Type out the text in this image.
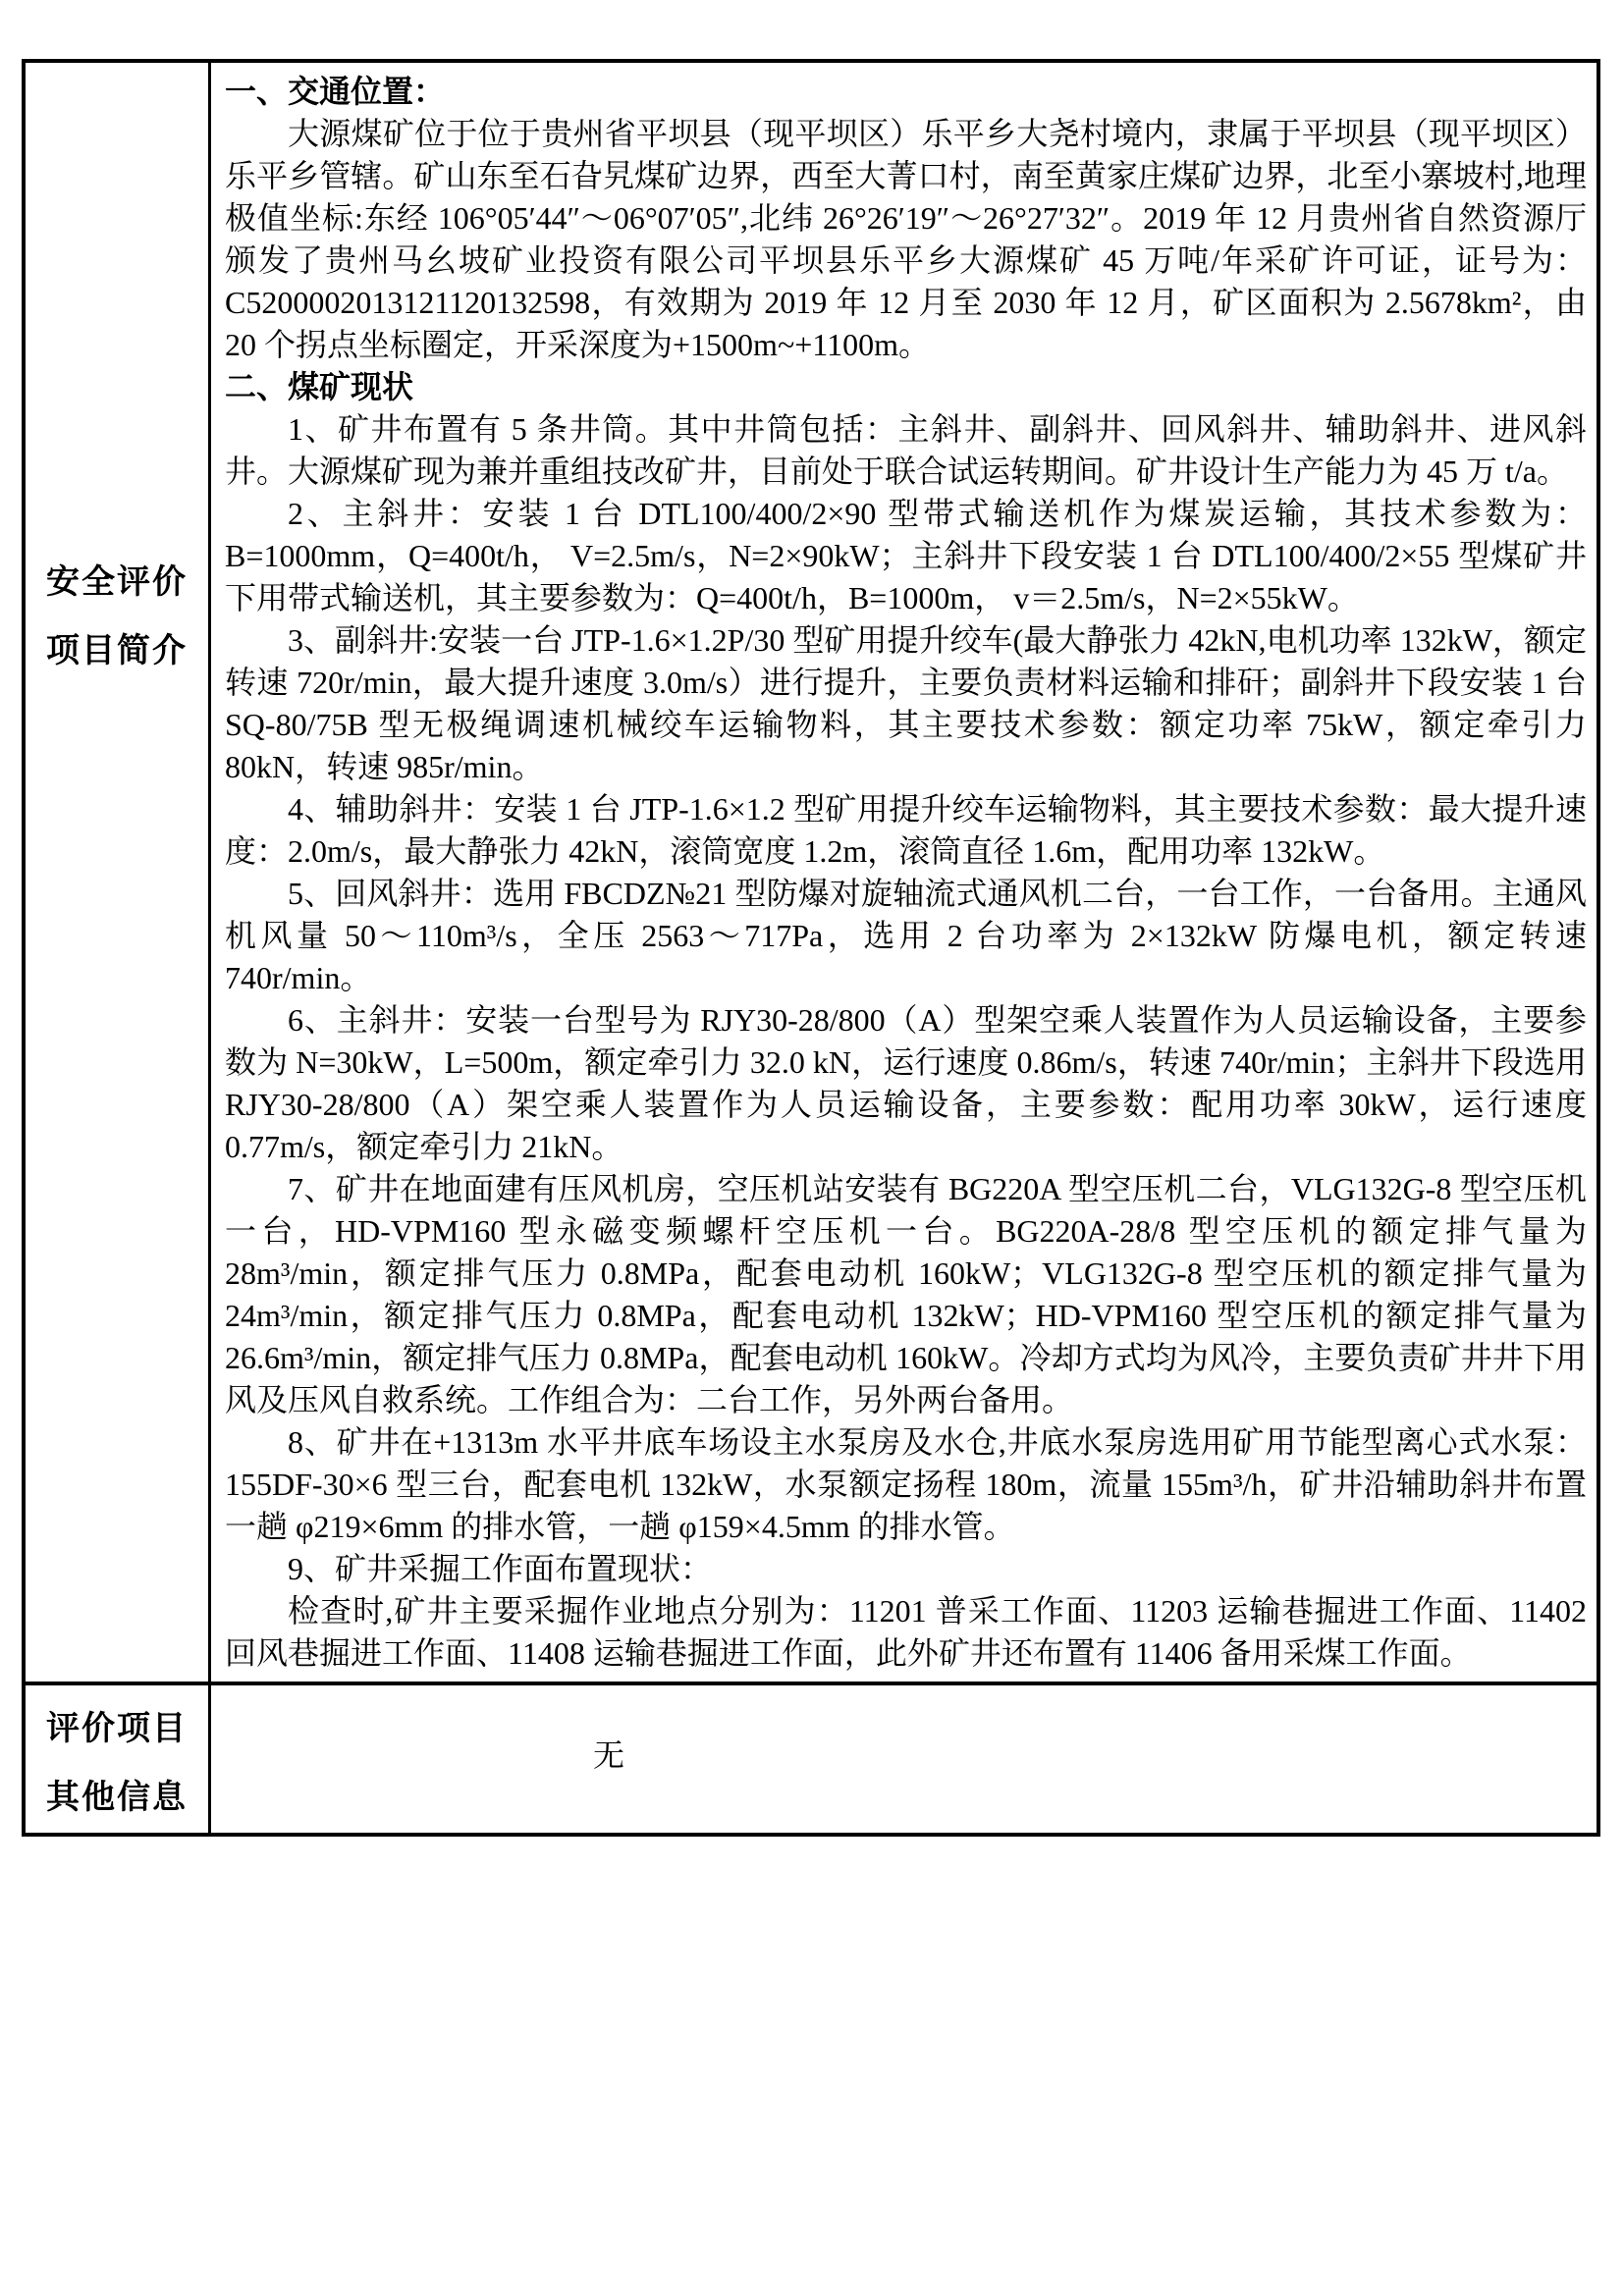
安全评价
项目简介

一、交通位置：

大源煤矿位于位于贵州省平坝县（现平坝区）乐平乡大尧村境内，隶属于平坝县（现平坝区）乐平乡管辖。矿山东至石旮旯煤矿边界，西至大菁口村，南至黄家庄煤矿边界，北至小寨坡村,地理极值坐标:东经 106°05′44″～06°07′05″,北纬 26°26′19″～26°27′32″。2019 年 12 月贵州省自然资源厅颁发了贵州马幺坡矿业投资有限公司平坝县乐平乡大源煤矿 45 万吨/年采矿许可证，证号为：C5200002013121120132598，有效期为 2019 年 12 月至 2030 年 12 月，矿区面积为 2.5678km²，由 20 个拐点坐标圈定，开采深度为+1500m~+1100m。

二、煤矿现状

1、矿井布置有 5 条井筒。其中井筒包括：主斜井、副斜井、回风斜井、辅助斜井、进风斜井。大源煤矿现为兼并重组技改矿井，目前处于联合试运转期间。矿井设计生产能力为 45 万 t/a。

2、主斜井：安装 1 台 DTL100/400/2×90 型带式输送机作为煤炭运输，其技术参数为：B=1000mm，Q=400t/h， V=2.5m/s，N=2×90kW；主斜井下段安装 1 台 DTL100/400/2×55 型煤矿井下用带式输送机，其主要参数为：Q=400t/h，B=1000m， v＝2.5m/s，N=2×55kW。

3、副斜井:安装一台 JTP-1.6×1.2P/30 型矿用提升绞车(最大静张力 42kN,电机功率 132kW，额定转速 720r/min，最大提升速度 3.0m/s）进行提升，主要负责材料运输和排矸；副斜井下段安装 1 台 SQ-80/75B 型无极绳调速机械绞车运输物料，其主要技术参数：额定功率 75kW，额定牵引力 80kN，转速 985r/min。

4、辅助斜井：安装 1 台 JTP-1.6×1.2 型矿用提升绞车运输物料，其主要技术参数：最大提升速度：2.0m/s，最大静张力 42kN，滚筒宽度 1.2m，滚筒直径 1.6m，配用功率 132kW。

5、回风斜井：选用 FBCDZ№21 型防爆对旋轴流式通风机二台，一台工作，一台备用。主通风机风量 50～110m³/s，全压 2563～717Pa，选用 2 台功率为 2×132kW 防爆电机，额定转速 740r/min。

6、主斜井：安装一台型号为 RJY30-28/800（A）型架空乘人装置作为人员运输设备，主要参数为 N=30kW，L=500m，额定牵引力 32.0 kN，运行速度 0.86m/s，转速 740r/min；主斜井下段选用 RJY30-28/800（A）架空乘人装置作为人员运输设备，主要参数：配用功率 30kW，运行速度 0.77m/s，额定牵引力 21kN。

7、矿井在地面建有压风机房，空压机站安装有 BG220A 型空压机二台，VLG132G-8 型空压机一台，HD-VPM160 型永磁变频螺杆空压机一台。BG220A-28/8 型空压机的额定排气量为 28m³/min，额定排气压力 0.8MPa，配套电动机 160kW；VLG132G-8 型空压机的额定排气量为 24m³/min，额定排气压力 0.8MPa，配套电动机 132kW；HD-VPM160 型空压机的额定排气量为 26.6m³/min，额定排气压力 0.8MPa，配套电动机 160kW。冷却方式均为风冷，主要负责矿井井下用风及压风自救系统。工作组合为：二台工作，另外两台备用。

8、矿井在+1313m 水平井底车场设主水泵房及水仓,井底水泵房选用矿用节能型离心式水泵：155DF-30×6 型三台，配套电机 132kW，水泵额定扬程 180m，流量 155m³/h，矿井沿辅助斜井布置一趟 φ219×6mm 的排水管，一趟 φ159×4.5mm 的排水管。

9、矿井采掘工作面布置现状：

检查时,矿井主要采掘作业地点分别为：11201 普采工作面、11203 运输巷掘进工作面、11402 回风巷掘进工作面、11408 运输巷掘进工作面，此外矿井还布置有 11406 备用采煤工作面。

评价项目
其他信息
无
